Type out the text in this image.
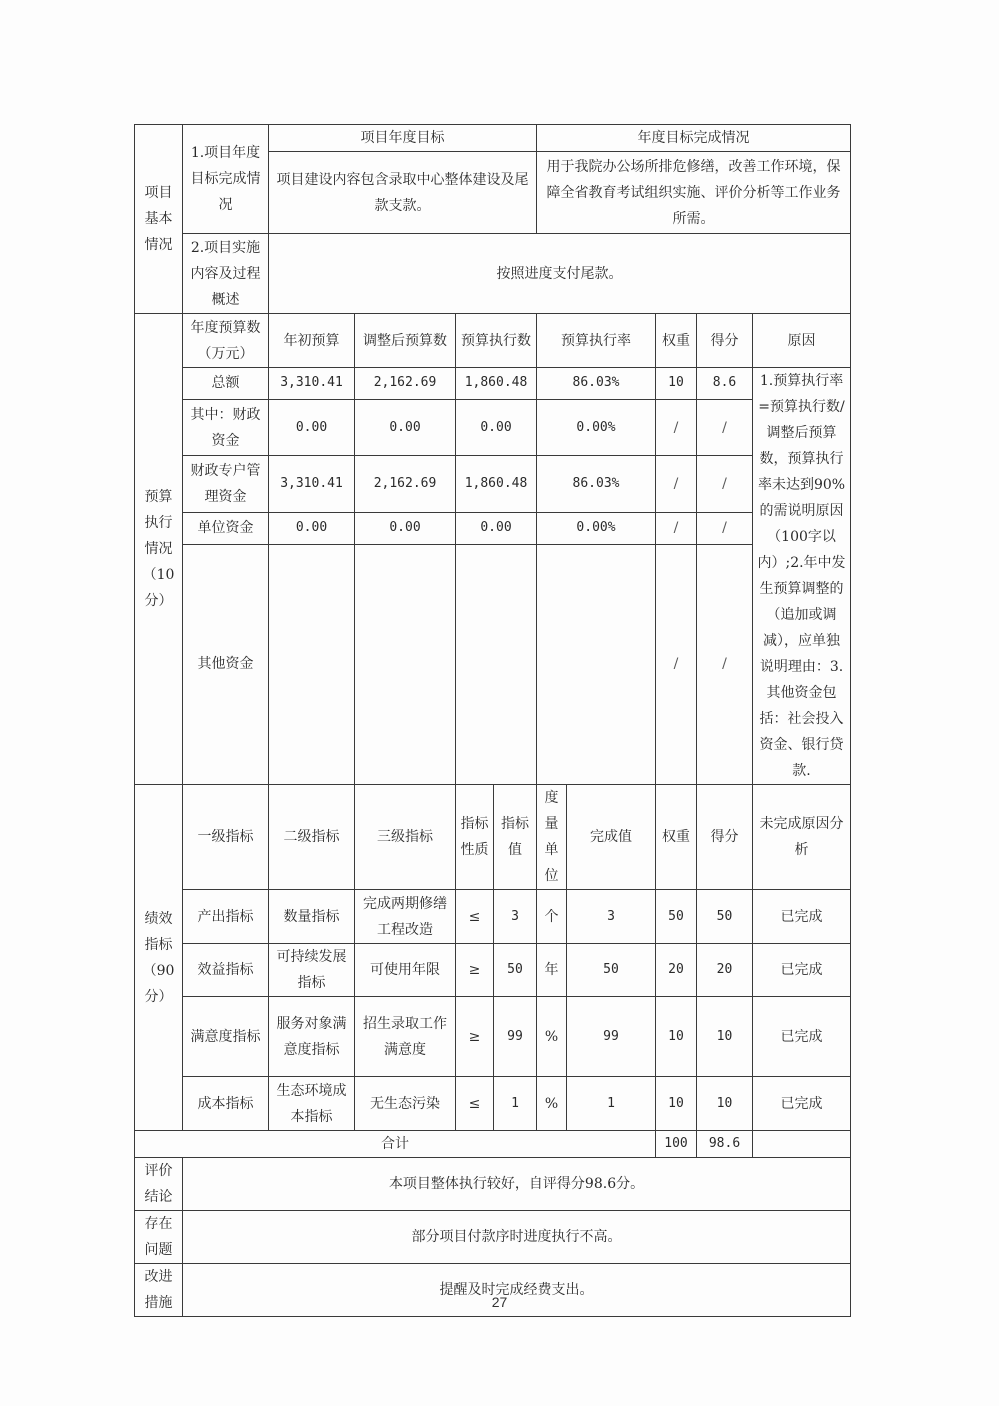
项目基本情况	1.项目年度目标完成情况	项目年度目标				年度目标完成情况				
		项目建设内容包含录取中心整体建设及尾款支款。				用于我院办公场所排危修缮，改善工作环境，保障全省教育考试组织实施、评价分析等工作业务所需。				
	2.项目实施内容及过程概述	按照进度支付尾款。								
预算执行情况（10分）	年度预算数（万元）	年初预算	调整后预算数	预算执行数		预算执行率		权重	得分	原因
	总额	3,310.41	2,162.69	1,860.48		86.03%		10	8.6	1.预算执行率=预算执行数/调整后预算数，预算执行率未达到90%的需说明原因（100字以内）;2.年中发生预算调整的（追加或调减），应单独说明理由：3.其他资金包括：社会投入资金、银行贷款.
	其中：财政资金	0.00	0.00	0.00		0.00%		/	/	
	财政专户管理资金	3,310.41	2,162.69	1,860.48		86.03%		/	/	
	单位资金	0.00	0.00	0.00		0.00%		/	/	
	其他资金							/	/	
绩效指标（90分）	一级指标	二级指标	三级指标	指标性质	指标值	度量单位	完成值	权重	得分	未完成原因分析
	产出指标	数量指标	完成两期修缮工程改造	≤	3	个	3	50	50	已完成
	效益指标	可持续发展指标	可使用年限	≥	50	年	50	20	20	已完成
	满意度指标	服务对象满意度指标	招生录取工作满意度	≥	99	%	99	10	10	已完成
	成本指标	生态环境成本指标	无生态污染	≤	1	%	1	10	10	已完成
合计								100	98.6	
评价结论	本项目整体执行较好，自评得分98.6分。									
存在问题	部分项目付款序时进度执行不高。									
改进措施	提醒及时完成经费支出。									
27
